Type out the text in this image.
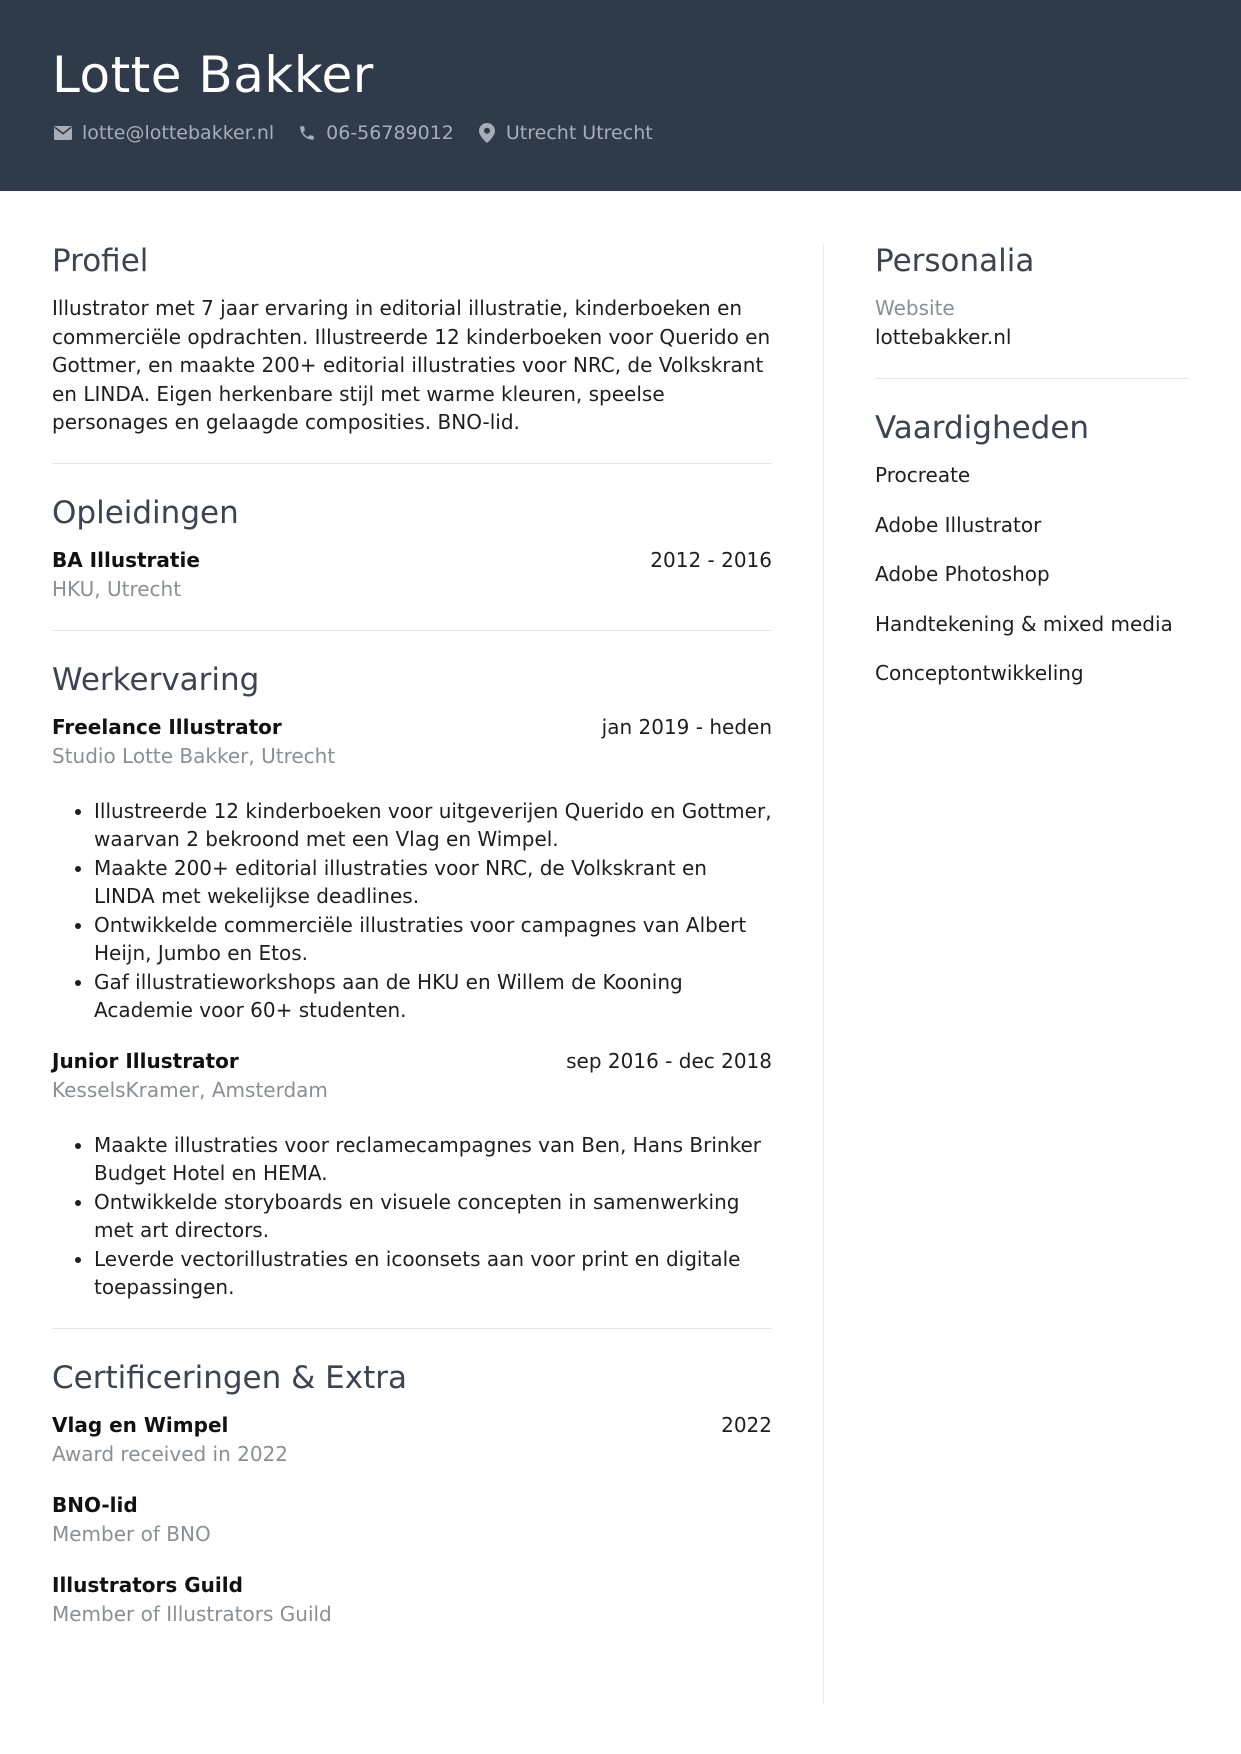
Lotte Bakker
lotte@lottebakker.nl	06-56789012	Utrecht Utrecht
Profiel

Illustrator met 7 jaar ervaring in editorial illustratie, kinderboeken en commerciële opdrachten. Illustreerde 12 kinderboeken voor Querido en Gottmer, en maakte 200+ editorial illustraties voor NRC, de Volkskrant en LINDA. Eigen herkenbare stijl met warme kleuren, speelse personages en gelaagde composities. BNO-lid.

Opleidingen
BA Illustratie	2012 - 2016
HKU, Utrecht
Werkervaring
Freelance Illustrator	jan 2019 - heden
Studio Lotte Bakker, Utrecht
• Illustreerde 12 kinderboeken voor uitgeverijen Querido en Gottmer, waarvan 2 bekroond met een Vlag en Wimpel.
• Maakte 200+ editorial illustraties voor NRC, de Volkskrant en LINDA met wekelijkse deadlines.
• Ontwikkelde commerciële illustraties voor campagnes van Albert Heijn, Jumbo en Etos.
• Gaf illustratieworkshops aan de HKU en Willem de Kooning Academie voor 60+ studenten.
Junior Illustrator	sep 2016 - dec 2018
KesselsKramer, Amsterdam
• Maakte illustraties voor reclamecampagnes van Ben, Hans Brinker Budget Hotel en HEMA.
• Ontwikkelde storyboards en visuele concepten in samenwerking met art directors.
• Leverde vectorillustraties en icoonsets aan voor print en digitale toepassingen.
Certificeringen & Extra
Vlag en Wimpel	2022
Award received in 2022
BNO-lid
Member of BNO
Illustrators Guild
Member of Illustrators Guild
Personalia
Website
lottebakker.nl
Vaardigheden
Procreate
Adobe Illustrator
Adobe Photoshop
Handtekening & mixed media
Conceptontwikkeling
